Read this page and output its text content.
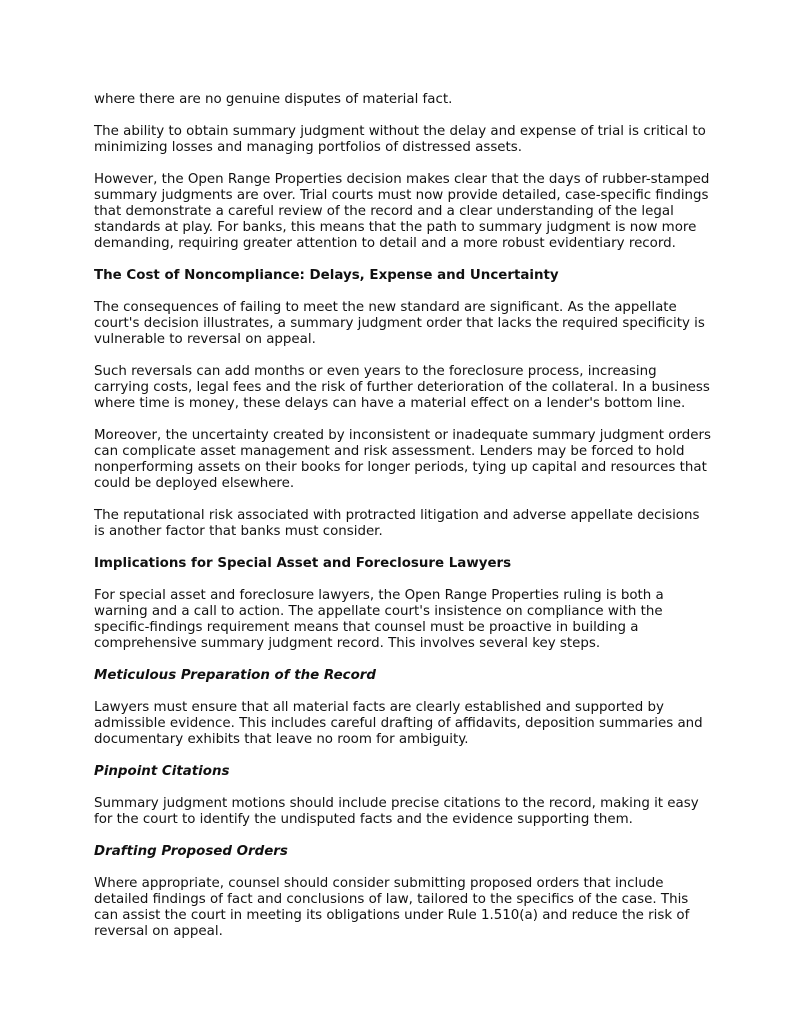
where there are no genuine disputes of material fact.

The ability to obtain summary judgment without the delay and expense of trial is critical to minimizing losses and managing portfolios of distressed assets.

However, the Open Range Properties decision makes clear that the days of rubber-stamped summary judgments are over. Trial courts must now provide detailed, case-specific findings that demonstrate a careful review of the record and a clear understanding of the legal standards at play. For banks, this means that the path to summary judgment is now more demanding, requiring greater attention to detail and a more robust evidentiary record.

The Cost of Noncompliance: Delays, Expense and Uncertainty

The consequences of failing to meet the new standard are significant. As the appellate court's decision illustrates, a summary judgment order that lacks the required specificity is vulnerable to reversal on appeal.

Such reversals can add months or even years to the foreclosure process, increasing carrying costs, legal fees and the risk of further deterioration of the collateral. In a business where time is money, these delays can have a material effect on a lender's bottom line.

Moreover, the uncertainty created by inconsistent or inadequate summary judgment orders can complicate asset management and risk assessment. Lenders may be forced to hold nonperforming assets on their books for longer periods, tying up capital and resources that could be deployed elsewhere.

The reputational risk associated with protracted litigation and adverse appellate decisions is another factor that banks must consider.

Implications for Special Asset and Foreclosure Lawyers

For special asset and foreclosure lawyers, the Open Range Properties ruling is both a warning and a call to action. The appellate court's insistence on compliance with the specific-findings requirement means that counsel must be proactive in building a comprehensive summary judgment record. This involves several key steps.

Meticulous Preparation of the Record

Lawyers must ensure that all material facts are clearly established and supported by admissible evidence. This includes careful drafting of affidavits, deposition summaries and documentary exhibits that leave no room for ambiguity.

Pinpoint Citations

Summary judgment motions should include precise citations to the record, making it easy for the court to identify the undisputed facts and the evidence supporting them.

Drafting Proposed Orders

Where appropriate, counsel should consider submitting proposed orders that include detailed findings of fact and conclusions of law, tailored to the specifics of the case. This can assist the court in meeting its obligations under Rule 1.510(a) and reduce the risk of reversal on appeal.
